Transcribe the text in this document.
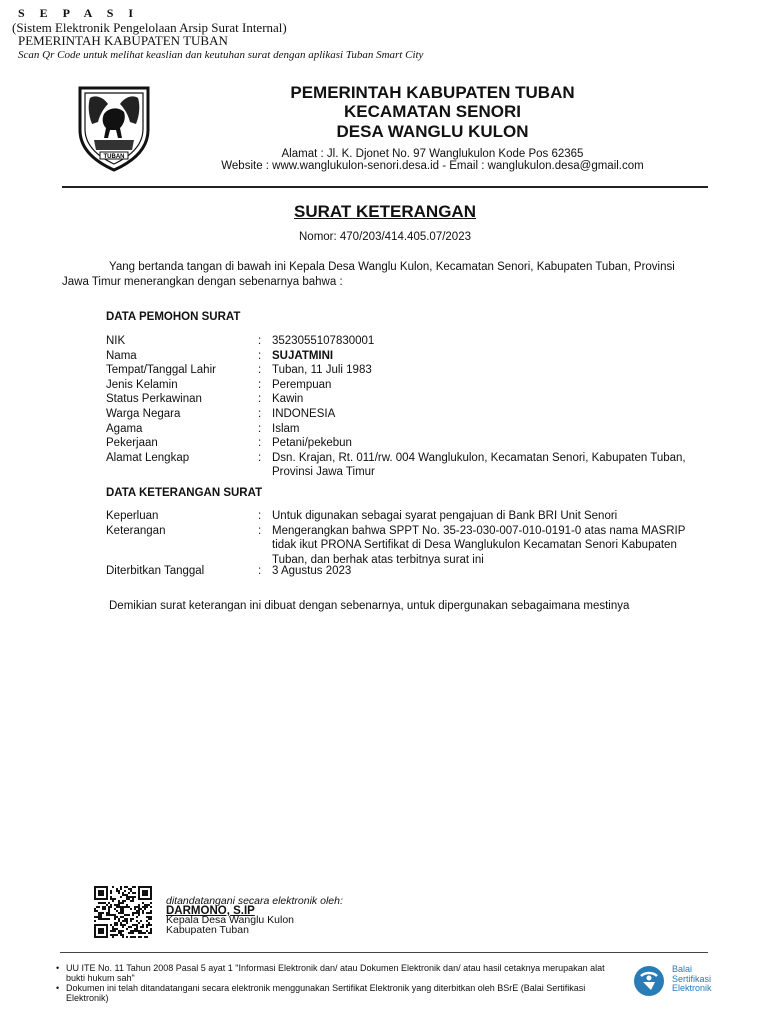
S E P A S I
(Sistem Elektronik Pengelolaan Arsip Surat Internal)
PEMERINTAH KABUPATEN TUBAN
Scan Qr Code untuk melihat keaslian dan keutuhan surat dengan aplikasi Tuban Smart City
TUBAN
PEMERINTAH KABUPATEN TUBAN
KECAMATAN SENORI
DESA WANGLU KULON
Alamat : Jl. K. Djonet No. 97 Wanglukulon Kode Pos 62365
Website : www.wanglukulon-senori.desa.id - Email : wanglukulon.desa@gmail.com
SURAT KETERANGAN
Nomor: 470/203/414.405.07/2023
Yang bertanda tangan di bawah ini Kepala Desa Wanglu Kulon, Kecamatan Senori, Kabupaten Tuban, Provinsi Jawa Timur menerangkan dengan sebenarnya bahwa :
DATA PEMOHON SURAT
NIK	: 3523055107830001
Nama	: SUJATMINI
Tempat/Tanggal Lahir	: Tuban, 11 Juli 1983
Jenis Kelamin	: Perempuan
Status Perkawinan	: Kawin
Warga Negara	: INDONESIA
Agama	: Islam
Pekerjaan	: Petani/pekebun
Alamat Lengkap	: Dsn. Krajan, Rt. 011/rw. 004 Wanglukulon, Kecamatan Senori, Kabupaten Tuban, Provinsi Jawa Timur
DATA KETERANGAN SURAT
Keperluan	: Untuk digunakan sebagai syarat pengajuan di Bank BRI Unit Senori
Keterangan	: Mengerangkan bahwa SPPT No. 35-23-030-007-010-0191-0 atas nama MASRIP tidak ikut PRONA Sertifikat di Desa Wanglukulon Kecamatan Senori Kabupaten Tuban, dan berhak atas terbitnya surat ini
Diterbitkan Tanggal	: 3 Agustus 2023
Demikian surat keterangan ini dibuat dengan sebenarnya, untuk dipergunakan sebagaimana mestinya
ditandatangani secara elektronik oleh:
DARMONO, S.IP
Kepala Desa Wanglu Kulon
Kabupaten Tuban
• UU ITE No. 11 Tahun 2008 Pasal 5 ayat 1 "Informasi Elektronik dan/ atau Dokumen Elektronik dan/ atau hasil cetaknya merupakan alat bukti hukum sah"
• Dokumen ini telah ditandatangani secara elektronik menggunakan Sertifikat Elektronik yang diterbitkan oleh BSrE (Balai Sertifikasi Elektronik)
Balai
Sertifikasi
Elektronik
